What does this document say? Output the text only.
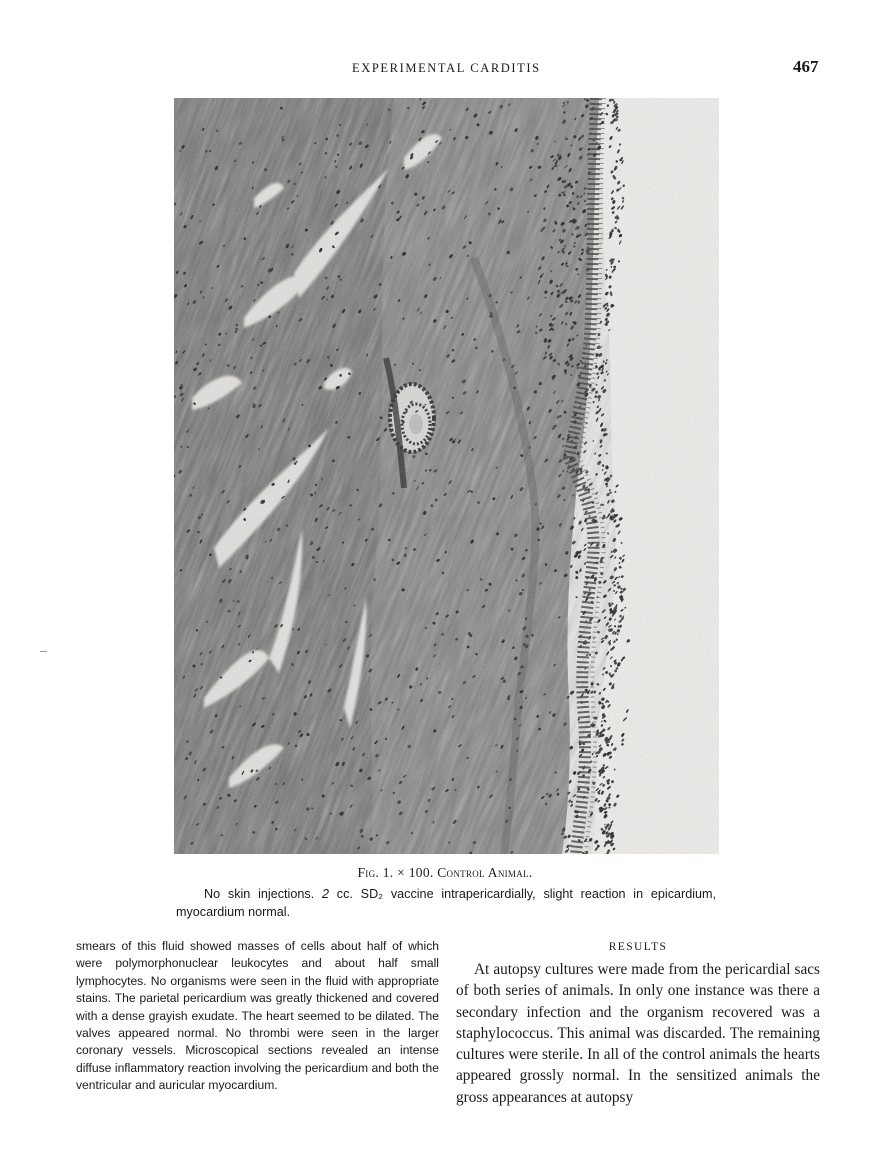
EXPERIMENTAL CARDITIS	467
Fig. 1. × 100. Control Animal.
No skin injections. 2 cc. SD₂ vaccine intrapericardially, slight reaction in epicardium, myocardium normal.
smears of this fluid showed masses of cells about half of which were polymorphonuclear leukocytes and about half small lymphocytes. No organisms were seen in the fluid with appropriate stains. The parietal pericardium was greatly thickened and covered with a dense grayish exudate. The heart seemed to be dilated. The valves appeared normal. No thrombi were seen in the larger coronary vessels. Microscopical sections revealed an intense diffuse inflammatory reaction involving the pericardium and both the ventricular and auricular myocardium.
RESULTS

At autopsy cultures were made from the pericardial sacs of both series of animals. In only one instance was there a secondary infection and the organism recovered was a staphylococcus. This animal was discarded. The remaining cultures were sterile. In all of the control animals the hearts appeared grossly normal. In the sensitized animals the gross appearances at autopsy
